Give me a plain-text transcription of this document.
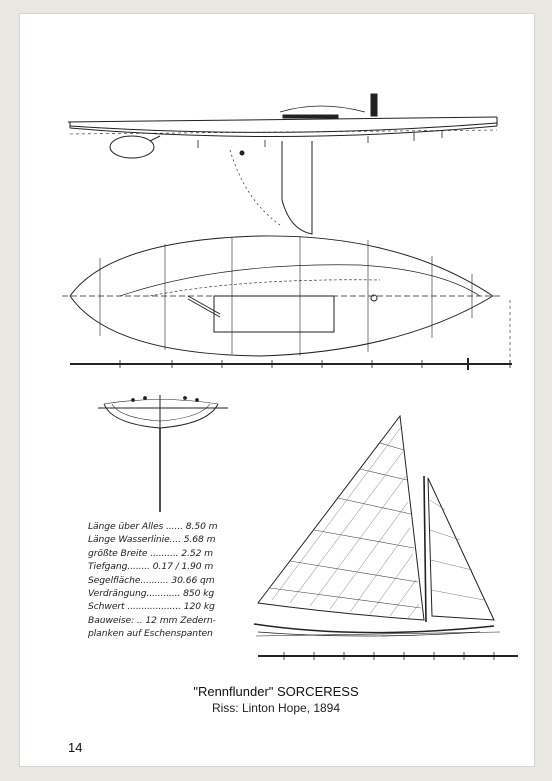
Länge über Alles ...... 8.50 m
Länge Wasserlinie.... 5.68 m
größte Breite .......... 2.52 m
Tiefgang........ 0.17 / 1.90 m
Segelfläche.......... 30.66 qm
Verdrängung............ 850 kg
Schwert ................... 120 kg
Bauweise: .. 12 mm Zedern-
planken auf Eschenspanten
"Rennflunder" SORCERESS
Riss: Linton Hope, 1894
14
